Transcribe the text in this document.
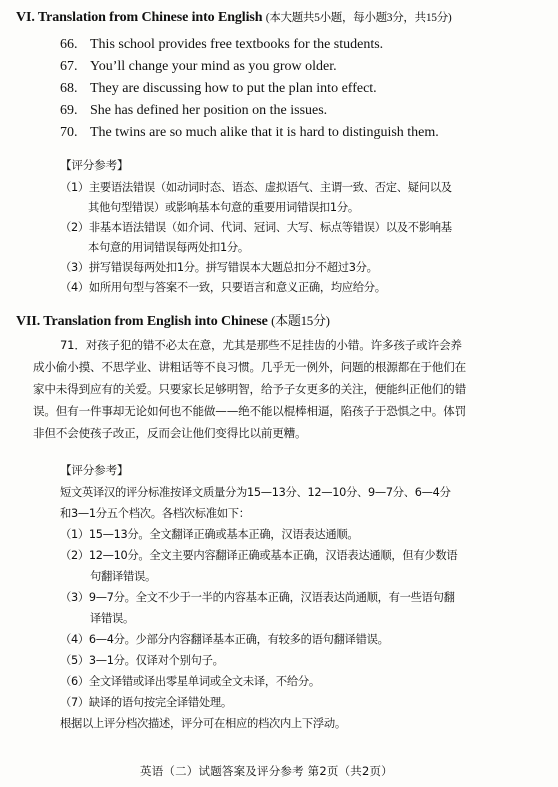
VI. Translation from Chinese into English (本大题共5小题，每小题3分，共15分)
66. This school provides free textbooks for the students.
67. You’ll change your mind as you grow older.
68. They are discussing how to put the plan into effect.
69. She has defined her position on the issues.
70. The twins are so much alike that it is hard to distinguish them.
【评分参考】
（1）主要语法错误（如动词时态、语态、虚拟语气、主谓一致、否定、疑问以及
其他句型错误）或影响基本句意的重要用词错误扣1分。
（2）非基本语法错误（如介词、代词、冠词、大写、标点等错误）以及不影响基
本句意的用词错误每两处扣1分。
（3）拼写错误每两处扣1分。拼写错误本大题总扣分不超过3分。
（4）如所用句型与答案不一致，只要语言和意义正确，均应给分。
VII. Translation from English into Chinese (本题15分)
71．对孩子犯的错不必太在意，尤其是那些不足挂齿的小错。许多孩子或许会养
成小偷小摸、不思学业、讲粗话等不良习惯。几乎无一例外，问题的根源都在于他们在
家中未得到应有的关爱。只要家长足够明智，给予子女更多的关注，便能纠正他们的错
误。但有一件事却无论如何也不能做——绝不能以棍棒相逼，陷孩子于恐惧之中。体罚
非但不会使孩子改正，反而会让他们变得比以前更糟。
【评分参考】
短文英译汉的评分标准按译文质量分为15—13分、12—10分、9—7分、6—4分
和3—1分五个档次。各档次标准如下：
（1）15—13分。全文翻译正确或基本正确，汉语表达通顺。
（2）12—10分。全文主要内容翻译正确或基本正确，汉语表达通顺，但有少数语
句翻译错误。
（3）9—7分。全文不少于一半的内容基本正确，汉语表达尚通顺，有一些语句翻
译错误。
（4）6—4分。少部分内容翻译基本正确，有较多的语句翻译错误。
（5）3—1分。仅译对个别句子。
（6）全文译错或译出零星单词或全文未译，不给分。
（7）缺译的语句按完全译错处理。
根据以上评分档次描述，评分可在相应的档次内上下浮动。
英语（二）试题答案及评分参考 第2页（共2页）
